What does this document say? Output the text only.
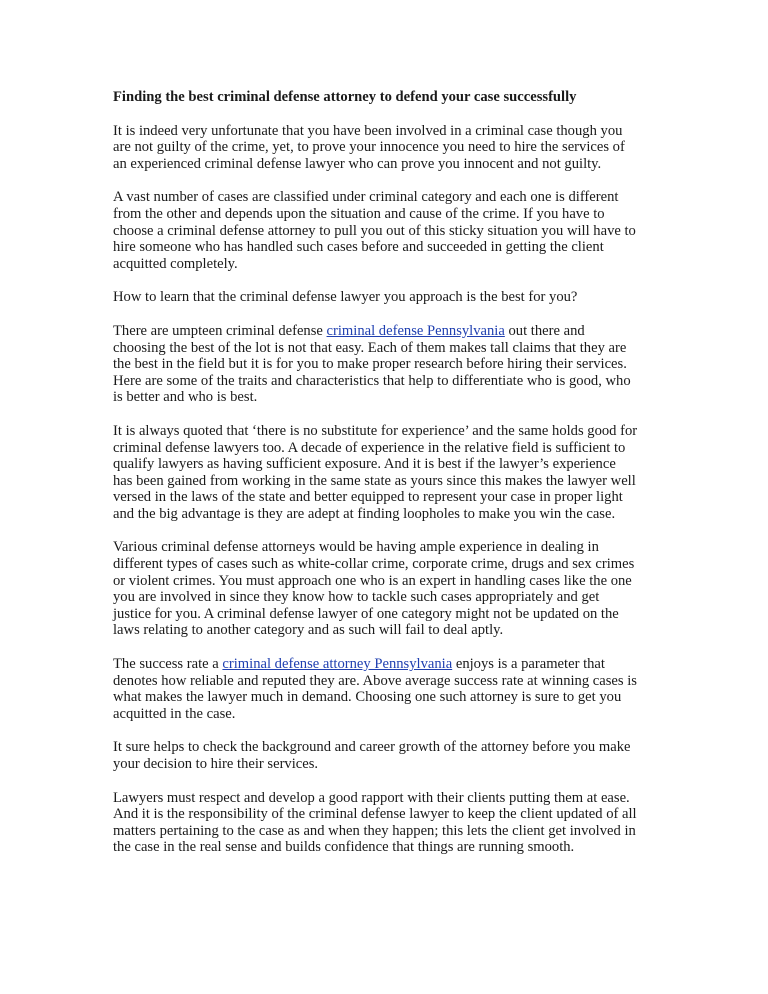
Finding the best criminal defense attorney to defend your case successfully

It is indeed very unfortunate that you have been involved in a criminal case though you
are not guilty of the crime, yet, to prove your innocence you need to hire the services of
an experienced criminal defense lawyer who can prove you innocent and not guilty.

A vast number of cases are classified under criminal category and each one is different
from the other and depends upon the situation and cause of the crime. If you have to
choose a criminal defense attorney to pull you out of this sticky situation you will have to
hire someone who has handled such cases before and succeeded in getting the client
acquitted completely.

How to learn that the criminal defense lawyer you approach is the best for you?

There are umpteen criminal defense criminal defense Pennsylvania out there and
choosing the best of the lot is not that easy. Each of them makes tall claims that they are
the best in the field but it is for you to make proper research before hiring their services.
Here are some of the traits and characteristics that help to differentiate who is good, who
is better and who is best.

It is always quoted that ‘there is no substitute for experience’ and the same holds good for
criminal defense lawyers too. A decade of experience in the relative field is sufficient to
qualify lawyers as having sufficient exposure. And it is best if the lawyer’s experience
has been gained from working in the same state as yours since this makes the lawyer well
versed in the laws of the state and better equipped to represent your case in proper light
and the big advantage is they are adept at finding loopholes to make you win the case.

Various criminal defense attorneys would be having ample experience in dealing in
different types of cases such as white-collar crime, corporate crime, drugs and sex crimes
or violent crimes. You must approach one who is an expert in handling cases like the one
you are involved in since they know how to tackle such cases appropriately and get
justice for you. A criminal defense lawyer of one category might not be updated on the
laws relating to another category and as such will fail to deal aptly.

The success rate a criminal defense attorney Pennsylvania enjoys is a parameter that
denotes how reliable and reputed they are. Above average success rate at winning cases is
what makes the lawyer much in demand. Choosing one such attorney is sure to get you
acquitted in the case.

It sure helps to check the background and career growth of the attorney before you make
your decision to hire their services.

Lawyers must respect and develop a good rapport with their clients putting them at ease.
And it is the responsibility of the criminal defense lawyer to keep the client updated of all
matters pertaining to the case as and when they happen; this lets the client get involved in
the case in the real sense and builds confidence that things are running smooth.
